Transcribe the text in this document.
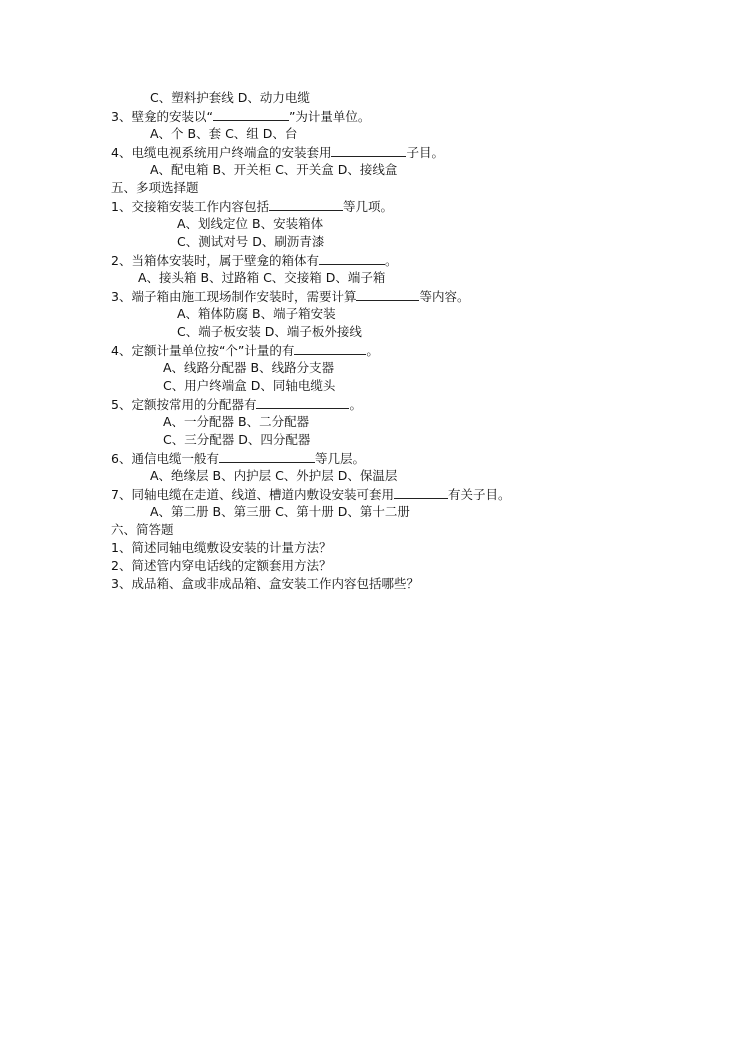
C、塑料护套线 D、动力电缆
3、壁龛的安装以“	”为计量单位。
A、个 B、套 C、组 D、台
4、电缆电视系统用户终端盒的安装套用	子目。
A、配电箱 B、开关柜 C、开关盒 D、接线盒
五、多项选择题
1、交接箱安装工作内容包括	等几项。
A、划线定位 B、安装箱体
C、测试对号 D、刷沥青漆
2、当箱体安装时，属于壁龛的箱体有	。
A、接头箱 B、过路箱 C、交接箱 D、端子箱
3、端子箱由施工现场制作安装时，需要计算	等内容。
A、箱体防腐 B、端子箱安装
C、端子板安装 D、端子板外接线
4、定额计量单位按“个”计量的有	。
A、线路分配器 B、线路分支器
C、用户终端盒 D、同轴电缆头
5、定额按常用的分配器有	。
A、一分配器 B、二分配器
C、三分配器 D、四分配器
6、通信电缆一般有	等几层。
A、绝缘层 B、内护层 C、外护层 D、保温层
7、同轴电缆在走道、线道、槽道内敷设安装可套用	有关子目。
A、第二册 B、第三册 C、第十册 D、第十二册
六、简答题
1、简述同轴电缆敷设安装的计量方法？
2、简述管内穿电话线的定额套用方法？
3、成品箱、盒或非成品箱、盒安装工作内容包括哪些？
